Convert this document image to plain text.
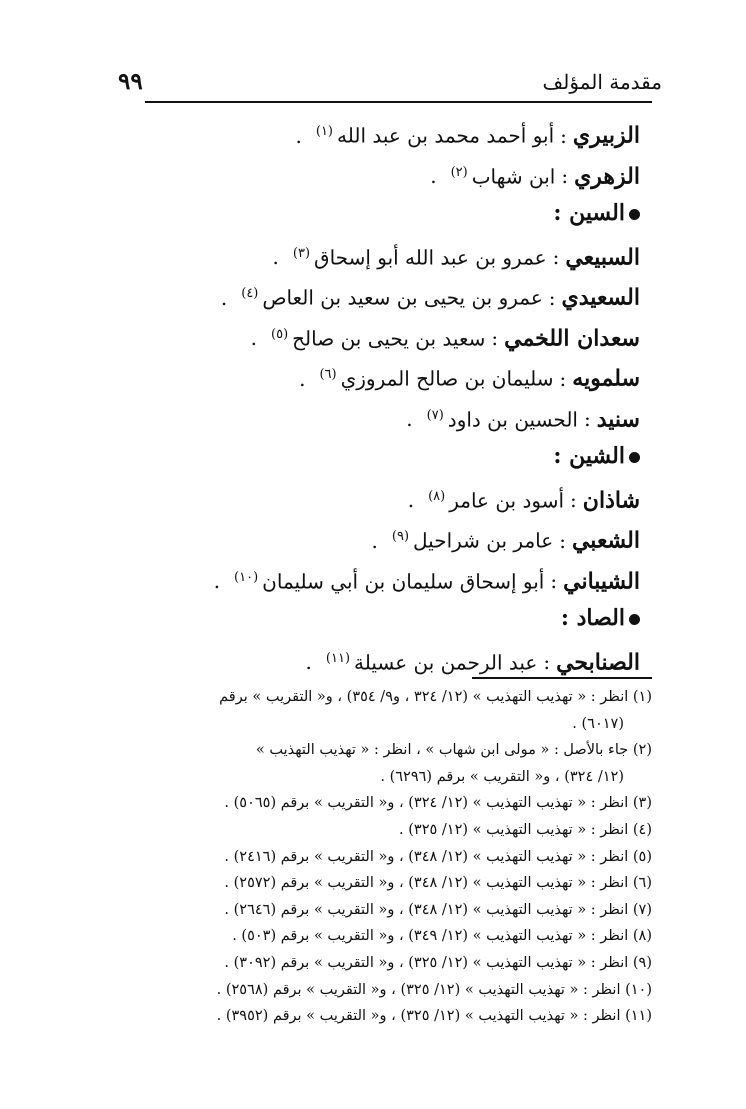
مقدمة المؤلف
٩٩
الزبيري:أبو أحمد محمد بن عبد الله$^{(١)}$.
الزهري:ابن شهاب$^{(٢)}$.
السين :
السبيعي:عمرو بن عبد الله أبو إسحاق$^{(٣)}$.
السعيدي:عمرو بن يحيى بن سعيد بن العاص$^{(٤)}$.
سعدان اللخمي:سعيد بن يحيى بن صالح$^{(٥)}$.
سلمويه:سليمان بن صالح المروزي$^{(٦)}$.
سنيد:الحسين بن داود$^{(٧)}$.
الشين :
شاذان:أسود بن عامر$^{(٨)}$.
الشعبي:عامر بن شراحيل$^{(٩)}$.
الشيباني:أبو إسحاق سليمان بن أبي سليمان$^{(١٠)}$.
الصاد :
الصنابحي:عبد الرحمن بن عسيلة$^{(١١)}$.
(١) انظر : « تهذيب التهذيب » (١٢/ ٣٢٤ ، و٩/ ٣٥٤) ، و« التقريب » برقم
(٦٠١٧) .
(٢) جاء بالأصل : « مولى ابن شهاب » ، انظر : « تهذيب التهذيب »
(١٢/ ٣٢٤) ، و« التقريب » برقم (٦٢٩٦) .
(٣) انظر : « تهذيب التهذيب » (١٢/ ٣٢٤) ، و« التقريب » برقم (٥٠٦٥) .
(٤) انظر : « تهذيب التهذيب » (١٢/ ٣٢٥) .
(٥) انظر : « تهذيب التهذيب » (١٢/ ٣٤٨) ، و« التقريب » برقم (٢٤١٦) .
(٦) انظر : « تهذيب التهذيب » (١٢/ ٣٤٨) ، و« التقريب » برقم (٢٥٧٢) .
(٧) انظر : « تهذيب التهذيب » (١٢/ ٣٤٨) ، و« التقريب » برقم (٢٦٤٦) .
(٨) انظر : « تهذيب التهذيب » (١٢/ ٣٤٩) ، و« التقريب » برقم (٥٠٣) .
(٩) انظر : « تهذيب التهذيب » (١٢/ ٣٢٥) ، و« التقريب » برقم (٣٠٩٢) .
(١٠) انظر : « تهذيب التهذيب » (١٢/ ٣٢٥) ، و« التقريب » برقم (٢٥٦٨) .
(١١) انظر : « تهذيب التهذيب » (١٢/ ٣٢٥) ، و« التقريب » برقم (٣٩٥٢) .
